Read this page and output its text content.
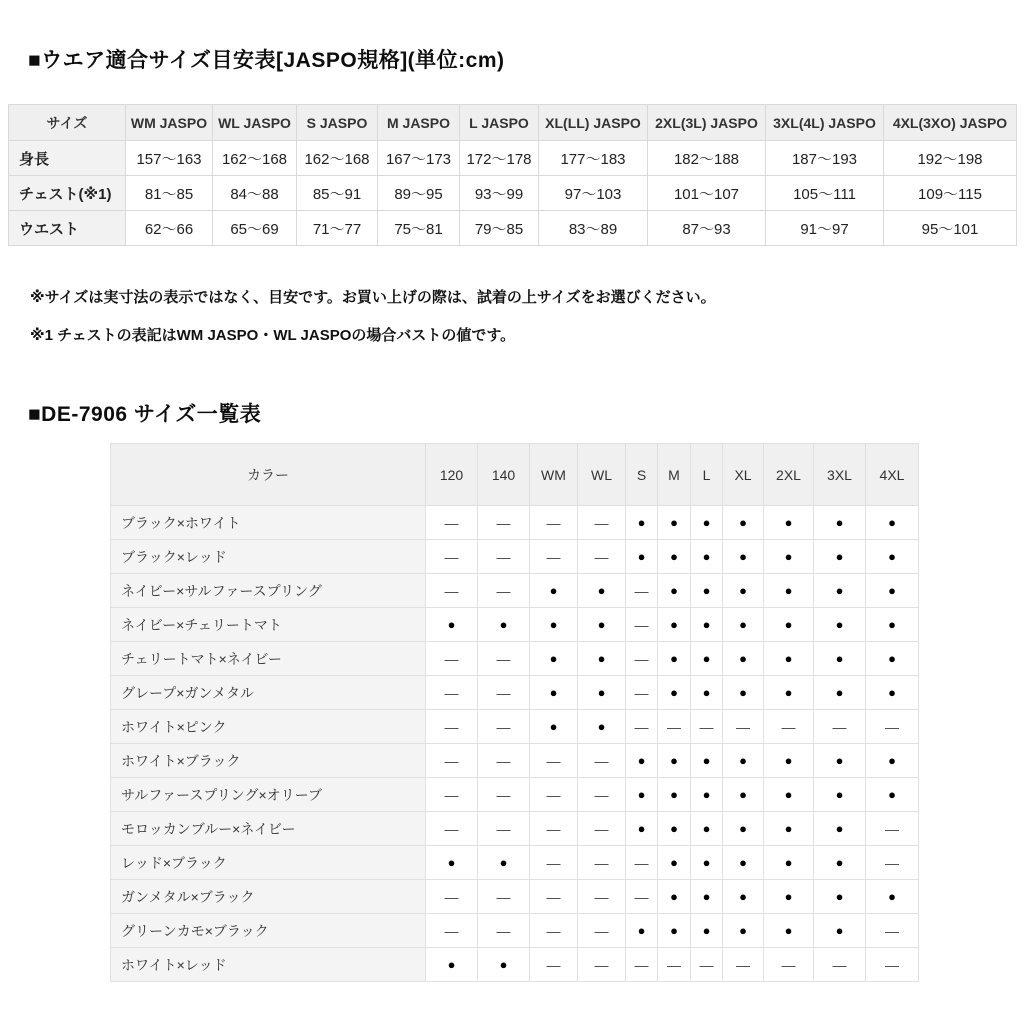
■ウエア適合サイズ目安表[JASPO規格](単位:cm)
サイズ	WM JASPO	WL JASPO	S JASPO	M JASPO	L JASPO	XL(LL) JASPO	2XL(3L) JASPO	3XL(4L) JASPO	4XL(3XO) JASPO
身長	157〜163	162〜168	162〜168	167〜173	172〜178	177〜183	182〜188	187〜193	192〜198
チェスト(※1)	81〜85	84〜88	85〜91	89〜95	93〜99	97〜103	101〜107	105〜111	109〜115
ウエスト	62〜66	65〜69	71〜77	75〜81	79〜85	83〜89	87〜93	91〜97	95〜101
※サイズは実寸法の表示ではなく、目安です。お買い上げの際は、試着の上サイズをお選びください。
※1 チェストの表記はWM JASPO・WL JASPOの場合バストの値です。
■DE-7906 サイズ一覧表
カラー	120	140	WM	WL	S	M	L	XL	2XL	3XL	4XL
ブラック×ホワイト	—	—	—	—	●	●	●	●	●	●	●
ブラック×レッド	—	—	—	—	●	●	●	●	●	●	●
ネイビー×サルファースプリング	—	—	●	●	—	●	●	●	●	●	●
ネイビー×チェリートマト	●	●	●	●	—	●	●	●	●	●	●
チェリートマト×ネイビー	—	—	●	●	—	●	●	●	●	●	●
グレープ×ガンメタル	—	—	●	●	—	●	●	●	●	●	●
ホワイト×ピンク	—	—	●	●	—	—	—	—	—	—	—
ホワイト×ブラック	—	—	—	—	●	●	●	●	●	●	●
サルファースプリング×オリーブ	—	—	—	—	●	●	●	●	●	●	●
モロッカンブルー×ネイビー	—	—	—	—	●	●	●	●	●	●	—
レッド×ブラック	●	●	—	—	—	●	●	●	●	●	—
ガンメタル×ブラック	—	—	—	—	—	●	●	●	●	●	●
グリーンカモ×ブラック	—	—	—	—	●	●	●	●	●	●	—
ホワイト×レッド	●	●	—	—	—	—	—	—	—	—	—
